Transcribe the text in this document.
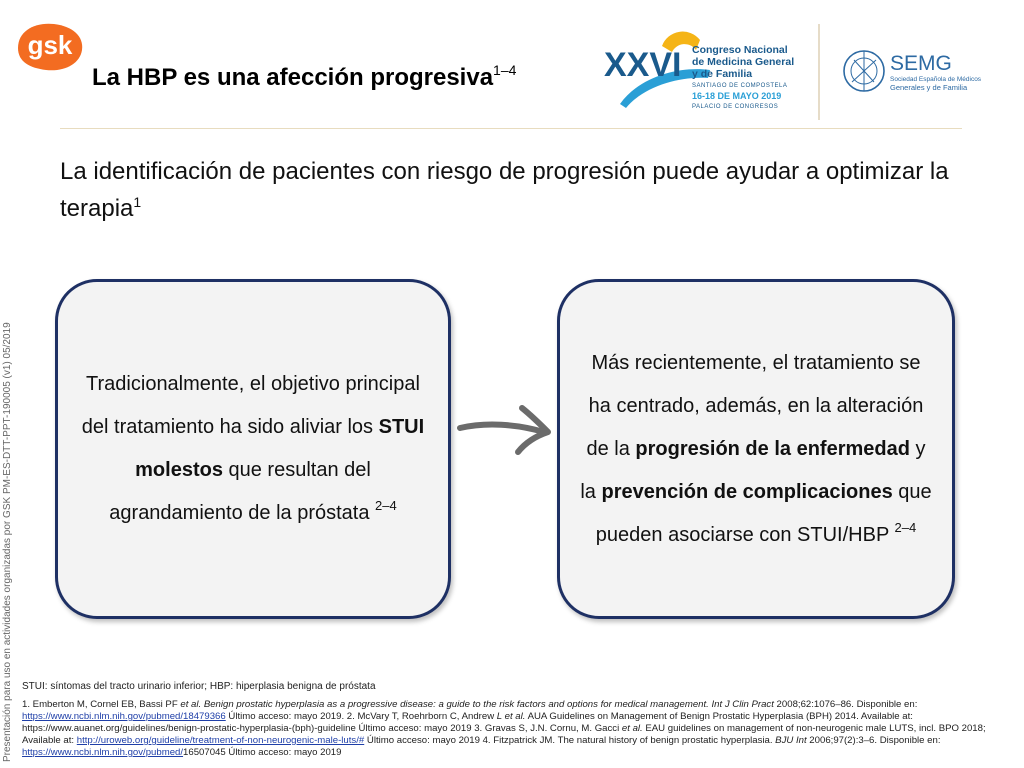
gsk
La HBP es una afección progresiva$^{1-4}$	XXVI Congreso Nacional
de Medicina General
y de Familia
SANTIAGO DE COMPOSTELA
16-18 DE MAYO 2019
PALACIO DE CONGRESOS
SEMG
Sociedad Española de Médicos
Generales y de Familia
La identificación de pacientes con riesgo de progresión puede ayudar a optimizar la terapia$^1$
Presentación para uso en actividades organizadas por GSK PM-ES-DTT-PPT-190005 (v1) 05/2019	Tradicionalmente, el objetivo principal del tratamiento ha sido aliviar los STUI molestos que resultan del agrandamiento de la próstata $^{2-4}$

Más recientemente, el tratamiento se ha centrado, además, en la alteración de la progresión de la enfermedad y la prevención de complicaciones que pueden asociarse con STUI/HBP $^{2-4}$

STUI: síntomas del tracto urinario inferior; HBP: hiperplasia benigna de próstata
1. Emberton M, Cornel EB, Bassi PF et al. Benign prostatic hyperplasia as a progressive disease: a guide to the risk factors and options for medical management. Int J Clin Pract 2008;62:1076–86. Disponible en: https://www.ncbi.nlm.nih.gov/pubmed/18479366 Último acceso: mayo 2019. 2. McVary T, Roehrborn C, Andrew L et al. AUA Guidelines on Management of Benign Prostatic Hyperplasia (BPH) 2014. Available at: https://www.auanet.org/guidelines/benign-prostatic-hyperplasia-(bph)-guideline Último acceso: mayo 2019 3. Gravas S, J.N. Cornu, M. Gacci et al. EAU guidelines on management of non-neurogenic male LUTS, incl. BPO 2018; Available at: http://uroweb.org/guideline/treatment-of-non-neurogenic-male-luts/# Último acceso: mayo 2019 4. Fitzpatrick JM. The natural history of benign prostatic hyperplasia. BJU Int 2006;97(2):3–6. Disponible en: https://www.ncbi.nlm.nih.gov/pubmed/16507045 Último acceso: mayo 2019
